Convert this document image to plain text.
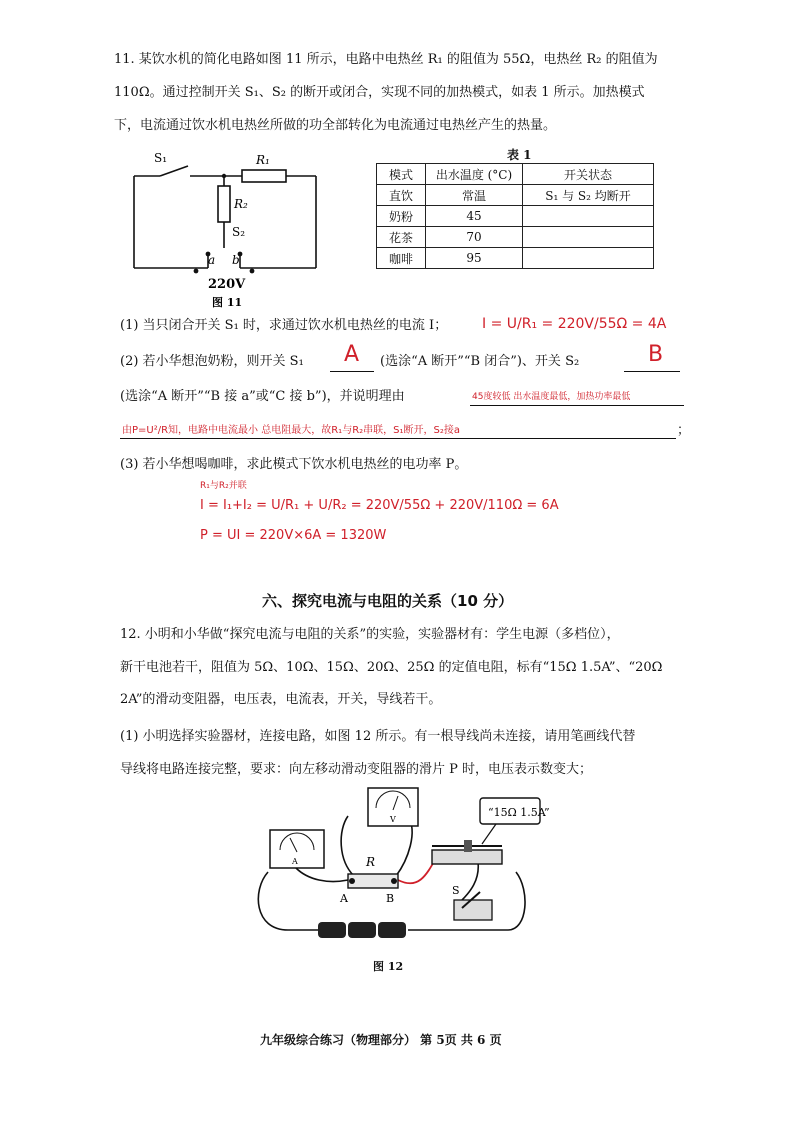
11. 某饮水机的简化电路如图 11 所示，电路中电热丝 R₁ 的阻值为 55Ω，电热丝 R₂ 的阻值为
110Ω。通过控制开关 S₁、S₂ 的断开或闭合，实现不同的加热模式，如表 1 所示。加热模式
下，电流通过饮水机电热丝所做的功全部转化为电流通过电热丝产生的热量。
S₁	R₁
R₂
S₂
a b
220V
图 11
表 1
模式	出水温度 (°C)	开关状态
直饮	常温	S₁ 与 S₂ 均断开
奶粉	45	
花茶	70	
咖啡	95	
(1) 当只闭合开关 S₁ 时，求通过饮水机电热丝的电流 I； I = U/R₁ = 220V/55Ω = 4A
(2) 若小华想泡奶粉，则开关 S₁ A (选涂“A 断开”“B 闭合”)、开关 S₂	B
(选涂“A 断开”“B 接 a”或“C 接 b”)，并说明理由	45度较低 出水温度最低，加热功率最低
由P=U²/R知，电路中电流最小 总电阻最大，故R₁与R₂串联，S₁断开，S₂接a	；
(3) 若小华想喝咖啡，求此模式下饮水机电热丝的电功率 P。
R₁与R₂并联
I = I₁+I₂ = U/R₁ + U/R₂ = 220V/55Ω + 220V/110Ω = 6A
P = UI = 220V×6A = 1320W
六、探究电流与电阻的关系（10 分）
12. 小明和小华做“探究电流与电阻的关系”的实验，实验器材有：学生电源（多档位），
新干电池若干，阻值为 5Ω、10Ω、15Ω、20Ω、25Ω 的定值电阻，标有“15Ω 1.5A”、“20Ω
2A”的滑动变阻器，电压表，电流表，开关，导线若干。
(1) 小明选择实验器材，连接电路，如图 12 所示。有一根导线尚未连接，请用笔画线代替
导线将电路连接完整，要求：向左移动滑动变阻器的滑片 P 时，电压表示数变大；
A
V
R
A	B
“15Ω 1.5A”
S
图 12
九年级综合练习（物理部分） 第 5页 共 6 页
